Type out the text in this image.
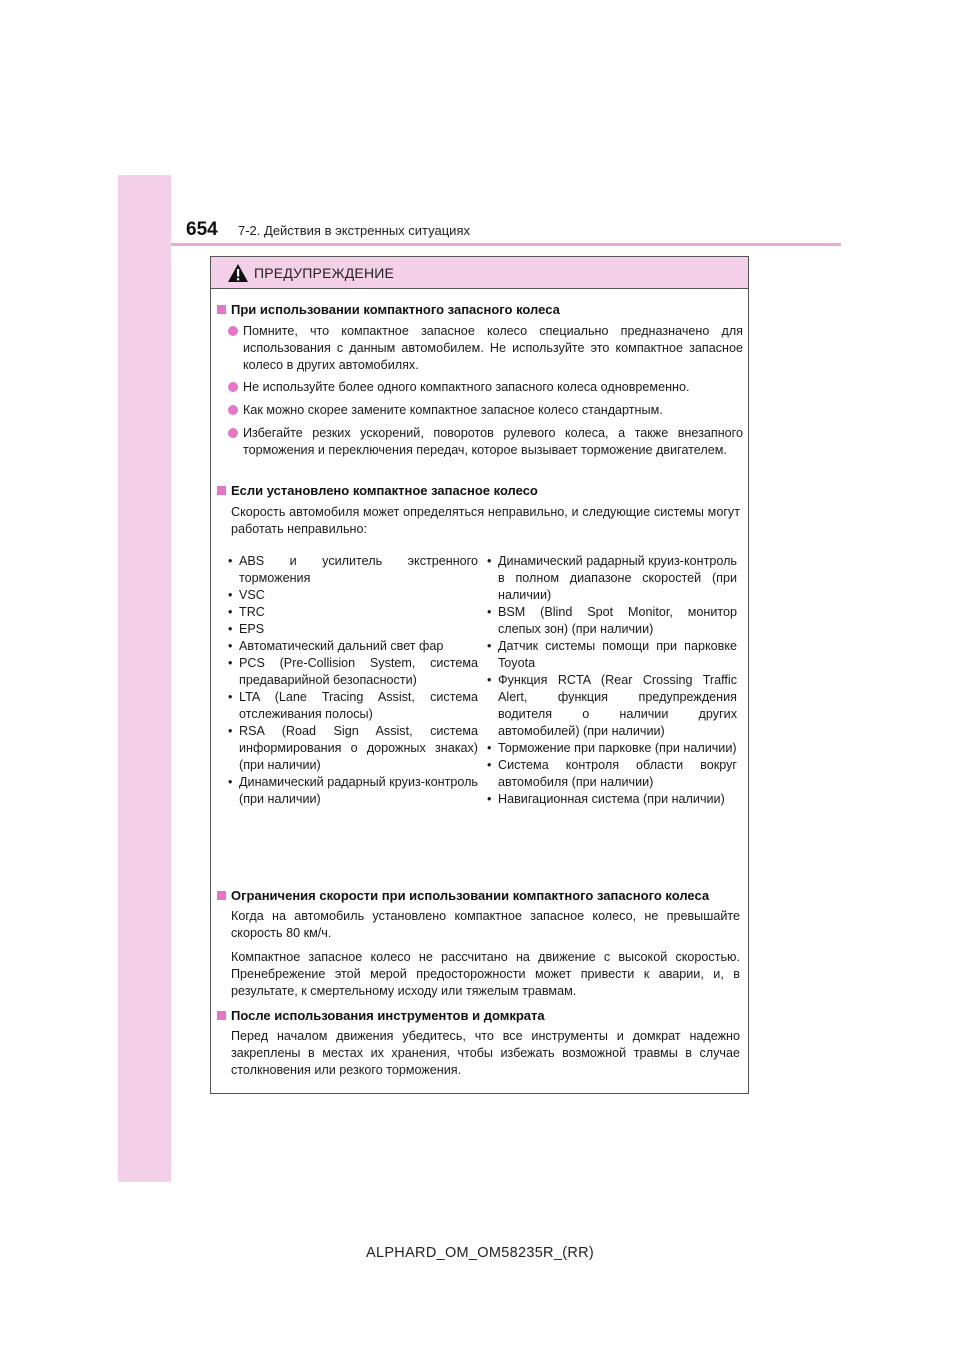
654 7-2. Действия в экстренных ситуациях
ПРЕДУПРЕЖДЕНИЕ
При использовании компактного запасного колеса
Помните, что компактное запасное колесо специально предназначено для использования с данным автомобилем. Не используйте это компактное запасное колесо в других автомобилях.
Не используйте более одного компактного запасного колеса одновременно.
Как можно скорее замените компактное запасное колесо стандартным.
Избегайте резких ускорений, поворотов рулевого колеса, а также внезапного торможения и переключения передач, которое вызывает торможение двигателем.
Если установлено компактное запасное колесо
Скорость автомобиля может определяться неправильно, и следующие системы могут работать неправильно:
• ABS и усилитель экстренного торможения
• VSC
• TRC
• EPS
• Автоматический дальний свет фар
• PCS (Pre-Collision System, система предаварийной безопасности)
• LTA (Lane Tracing Assist, система отслеживания полосы)
• RSA (Road Sign Assist, система информирования о дорожных знаках) (при наличии)
• Динамический радарный круиз-контроль (при наличии)
• Динамический радарный круиз-контроль в полном диапазоне скоростей (при наличии)
• BSM (Blind Spot Monitor, монитор слепых зон) (при наличии)
• Датчик системы помощи при парковке Toyota
• Функция RCTA (Rear Crossing Traffic Alert, функция предупреждения водителя о наличии других автомобилей) (при наличии)
• Торможение при парковке (при наличии)
• Система контроля области вокруг автомобиля (при наличии)
• Навигационная система (при наличии)
Ограничения скорости при использовании компактного запасного колеса
Когда на автомобиль установлено компактное запасное колесо, не превышайте скорость 80 км/ч.
Компактное запасное колесо не рассчитано на движение с высокой скоростью. Пренебрежение этой мерой предосторожности может привести к аварии, и, в результате, к смертельному исходу или тяжелым травмам.
После использования инструментов и домкрата
Перед началом движения убедитесь, что все инструменты и домкрат надежно закреплены в местах их хранения, чтобы избежать возможной травмы в случае столкновения или резкого торможения.
ALPHARD_OM_OM58235R_(RR)
